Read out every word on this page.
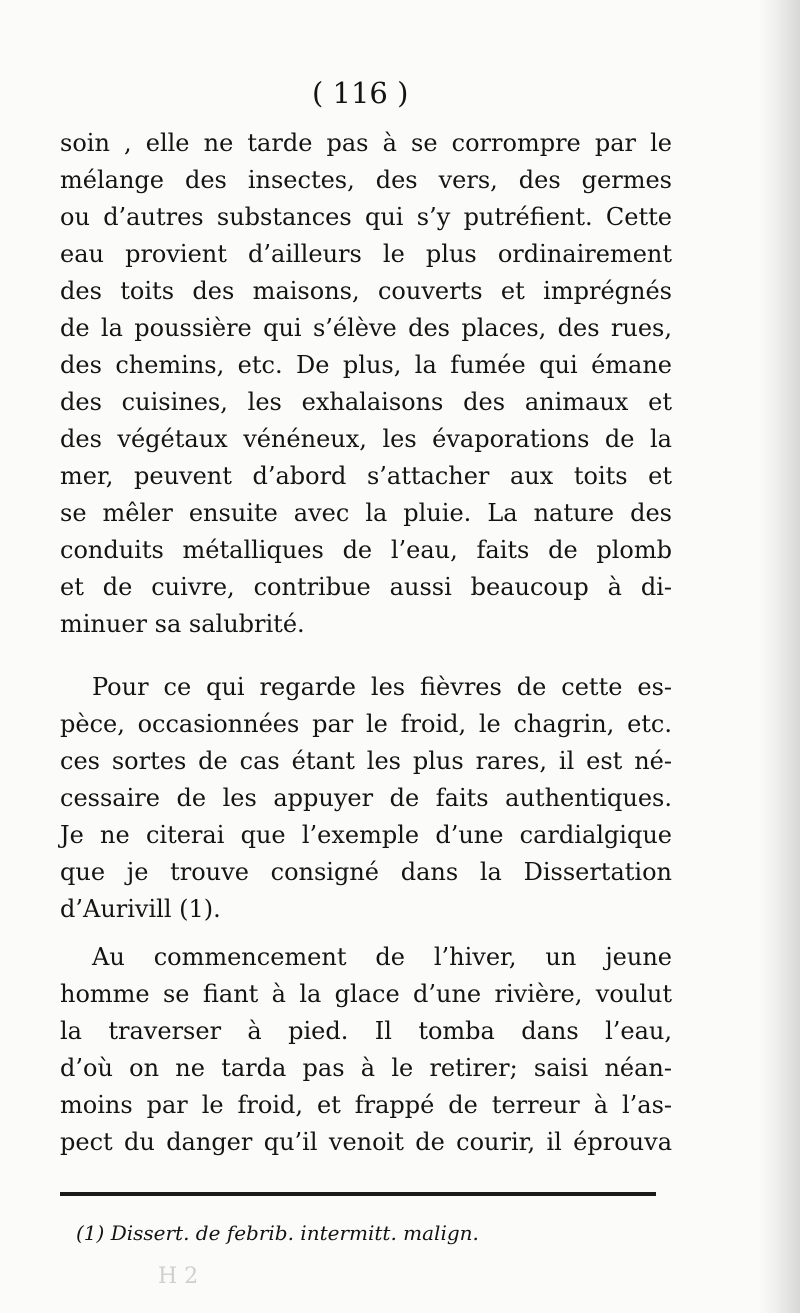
( 116 )
soin , elle ne tarde pas à se corrompre par le
mélange des insectes, des vers, des germes
ou d’autres substances qui s’y putréfient. Cette
eau provient d’ailleurs le plus ordinairement
des toits des maisons, couverts et imprégnés
de la poussière qui s’élève des places, des rues,
des chemins, etc. De plus, la fumée qui émane
des cuisines, les exhalaisons des animaux et
des végétaux vénéneux, les évaporations de la
mer, peuvent d’abord s’attacher aux toits et
se mêler ensuite avec la pluie. La nature des
conduits métalliques de l’eau, faits de plomb
et de cuivre, contribue aussi beaucoup à di-
minuer sa salubrité.
Pour ce qui regarde les fièvres de cette es-
pèce, occasionnées par le froid, le chagrin, etc.
ces sortes de cas étant les plus rares, il est né-
cessaire de les appuyer de faits authentiques.
Je ne citerai que l’exemple d’une cardialgique
que je trouve consigné dans la Dissertation
d’Aurivill (1).
Au commencement de l’hiver, un jeune
homme se fiant à la glace d’une rivière, voulut
la traverser à pied. Il tomba dans l’eau,
d’où on ne tarda pas à le retirer; saisi néan-
moins par le froid, et frappé de terreur à l’as-
pect du danger qu’il venoit de courir, il éprouva
(1) Dissert. de febrib. intermitt. malign.
H 2
